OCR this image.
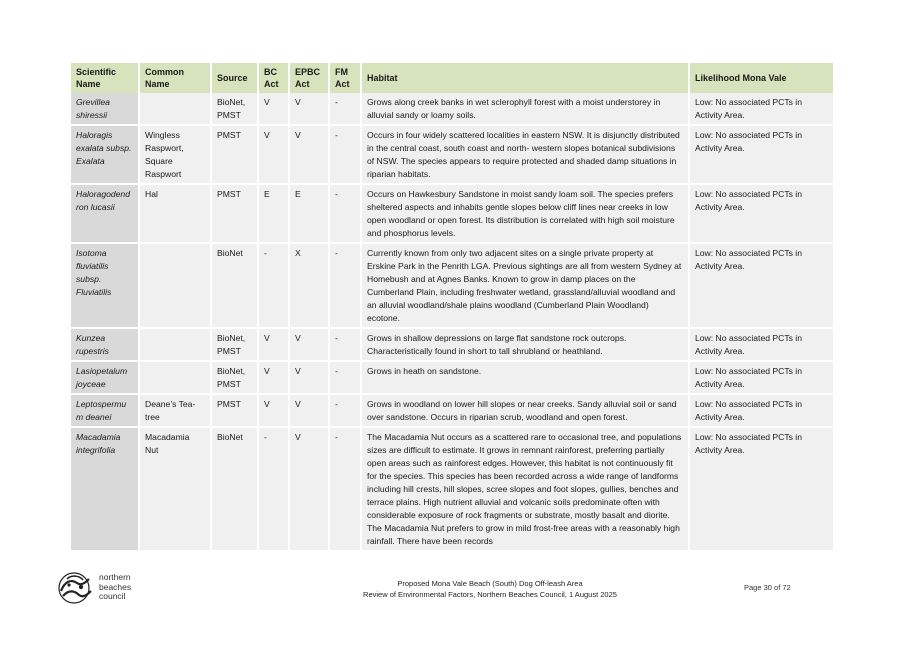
Scientific Name	Common Name	Source	BC Act	EPBC Act	FM Act	Habitat	Likelihood Mona Vale
Grevillea shiressii		BioNet, PMST	V	V	-	Grows along creek banks in wet sclerophyll forest with a moist understorey in alluvial sandy or loamy soils.	Low: No associated PCTs in Activity Area.
Haloragis exalata subsp. Exalata	Wingless Raspwort, Square Raspwort	PMST	V	V	-	Occurs in four widely scattered localities in eastern NSW. It is disjunctly distributed in the central coast, south coast and north- western slopes botanical subdivisions of NSW. The species appears to require protected and shaded damp situations in riparian habitats.	Low: No associated PCTs in Activity Area.
Haloragodend ron lucasii	Hal	PMST	E	E	-	Occurs on Hawkesbury Sandstone in moist sandy loam soil. The species prefers sheltered aspects and inhabits gentle slopes below cliff lines near creeks in low open woodland or open forest. Its distribution is correlated with high soil moisture and phosphorus levels.	Low: No associated PCTs in Activity Area.
Isotoma fluviatilis subsp. Fluviatilis		BioNet	-	X	-	Currently known from only two adjacent sites on a single private property at Erskine Park in the Penrith LGA. Previous sightings are all from western Sydney at Homebush and at Agnes Banks. Known to grow in damp places on the Cumberland Plain, including freshwater wetland, grassland/alluvial woodland and an alluvial woodland/shale plains woodland (Cumberland Plain Woodland) ecotone.	Low: No associated PCTs in Activity Area.
Kunzea rupestris		BioNet, PMST	V	V	-	Grows in shallow depressions on large flat sandstone rock outcrops. Characteristically found in short to tall shrubland or heathland.	Low: No associated PCTs in Activity Area.
Lasiopetalum joyceae		BioNet, PMST	V	V	-	Grows in heath on sandstone.	Low: No associated PCTs in Activity Area.
Leptospermu m deanei	Deane’s Tea-tree	PMST	V	V	-	Grows in woodland on lower hill slopes or near creeks. Sandy alluvial soil or sand over sandstone. Occurs in riparian scrub, woodland and open forest.	Low: No associated PCTs in Activity Area.
Macadamia integrifolia	Macadamia Nut	BioNet	-	V	-	The Macadamia Nut occurs as a scattered rare to occasional tree, and populations sizes are difficult to estimate. It grows in remnant rainforest, preferring partially open areas such as rainforest edges. However, this habitat is not continuously fit for the species. This species has been recorded across a wide range of landforms including hill crests, hill slopes, scree slopes and foot slopes, gullies, benches and terrace plains. High nutrient alluvial and volcanic soils predominate often with considerable exposure of rock fragments or substrate, mostly basalt and diorite. The Macadamia Nut prefers to grow in mild frost-free areas with a reasonably high rainfall. There have been records	Low: No associated PCTs in Activity Area.
northern
beaches
council
Proposed Mona Vale Beach (South) Dog Off-leash Area
Review of Environmental Factors, Northern Beaches Council, 1 August 2025
Page 30 of 72
